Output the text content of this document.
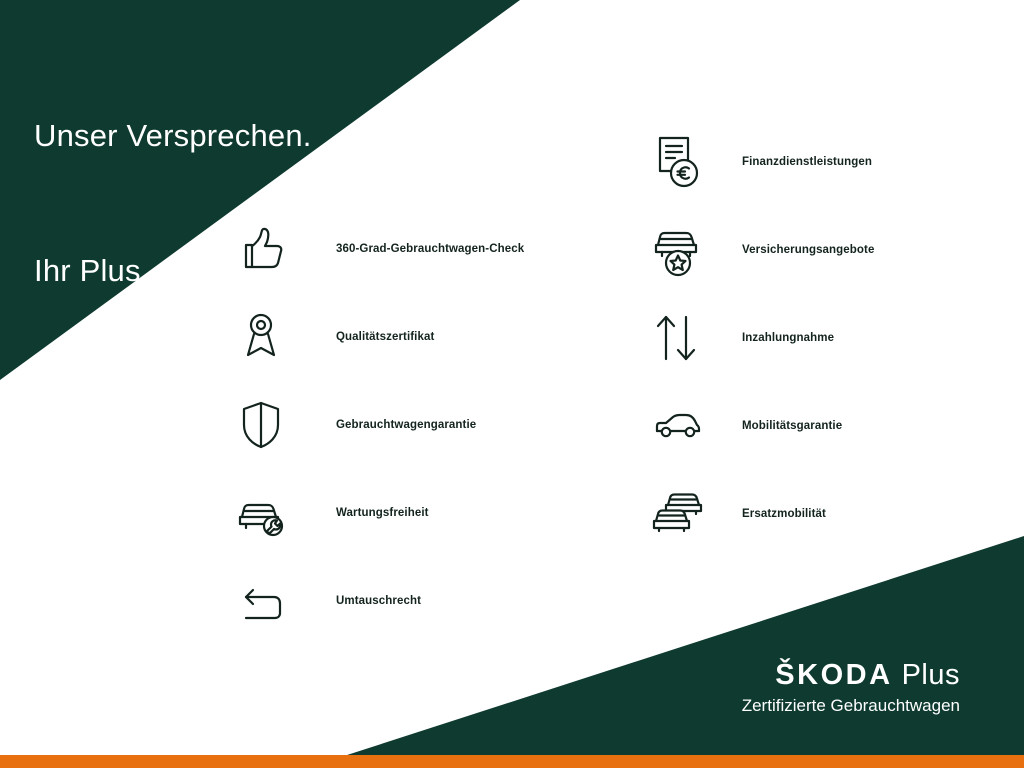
Unser Versprechen.

Ihr Plus.

360-Grad-Gebrauchtwagen-Check
Qualitätszertifikat
Gebrauchtwagengarantie
Wartungsfreiheit
Umtauschrecht
Finanzdienstleistungen
Versicherungsangebote
Inzahlungnahme
Mobilitätsgarantie
Ersatzmobilität
ŠKODA Plus
Zertifizierte Gebrauchtwagen
